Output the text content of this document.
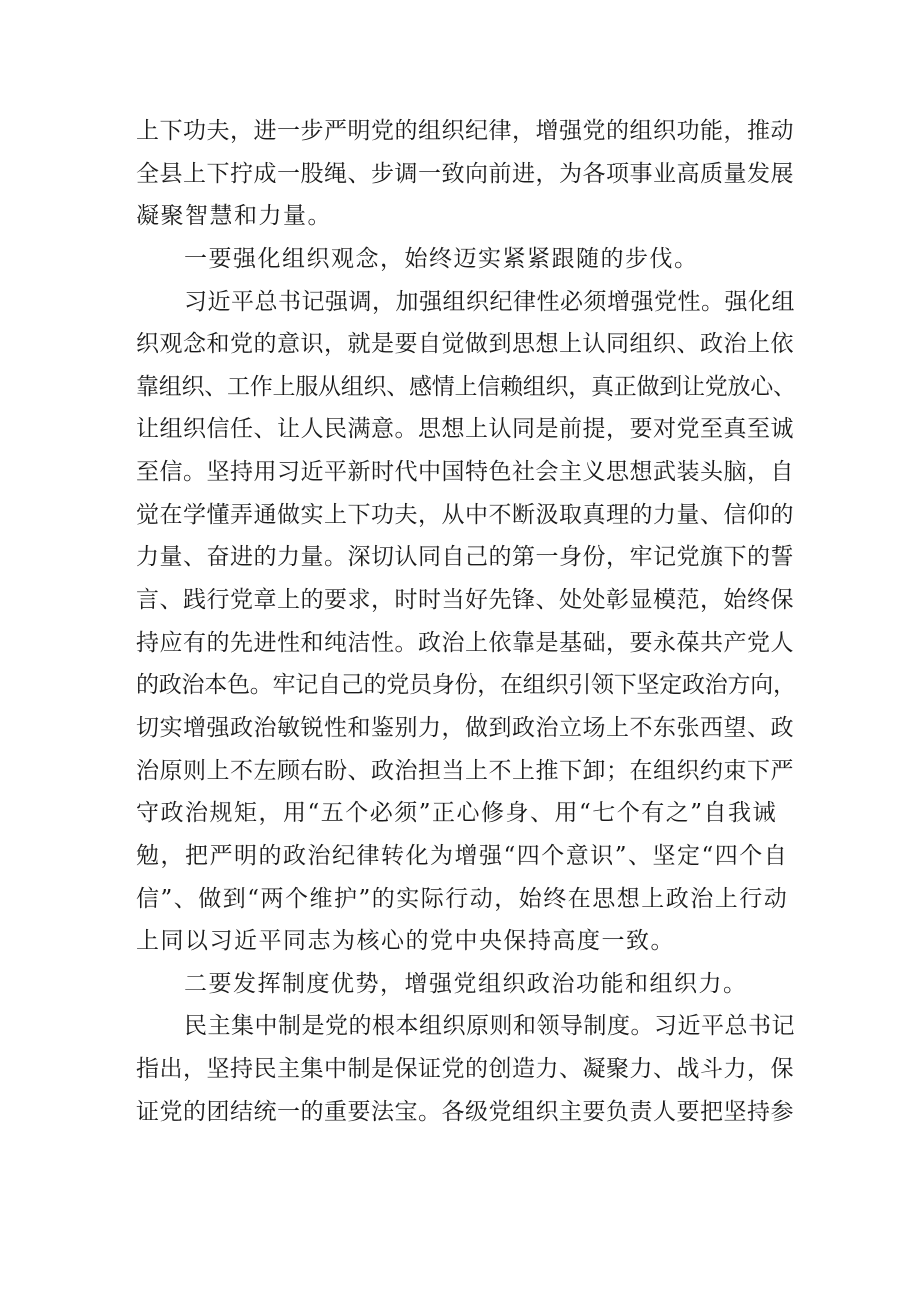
上下功夫，进一步严明党的组织纪律，增强党的组织功能，推动

全县上下拧成一股绳、步调一致向前进，为各项事业高质量发展

凝聚智慧和力量。

一要强化组织观念，始终迈实紧紧跟随的步伐。

习近平总书记强调，加强组织纪律性必须增强党性。强化组

织观念和党的意识，就是要自觉做到思想上认同组织、政治上依

靠组织、工作上服从组织、感情上信赖组织，真正做到让党放心、

让组织信任、让人民满意。思想上认同是前提，要对党至真至诚

至信。坚持用习近平新时代中国特色社会主义思想武装头脑，自

觉在学懂弄通做实上下功夫，从中不断汲取真理的力量、信仰的

力量、奋进的力量。深切认同自己的第一身份，牢记党旗下的誓

言、践行党章上的要求，时时当好先锋、处处彰显模范，始终保

持应有的先进性和纯洁性。政治上依靠是基础，要永葆共产党人

的政治本色。牢记自己的党员身份，在组织引领下坚定政治方向，

切实增强政治敏锐性和鉴别力，做到政治立场上不东张西望、政

治原则上不左顾右盼、政治担当上不上推下卸；在组织约束下严

守政治规矩，用“五个必须”正心修身、用“七个有之”自我诫

勉，把严明的政治纪律转化为增强“四个意识”、坚定“四个自

信”、做到“两个维护”的实际行动，始终在思想上政治上行动

上同以习近平同志为核心的党中央保持高度一致。

二要发挥制度优势，增强党组织政治功能和组织力。

民主集中制是党的根本组织原则和领导制度。习近平总书记

指出，坚持民主集中制是保证党的创造力、凝聚力、战斗力，保

证党的团结统一的重要法宝。各级党组织主要负责人要把坚持参
